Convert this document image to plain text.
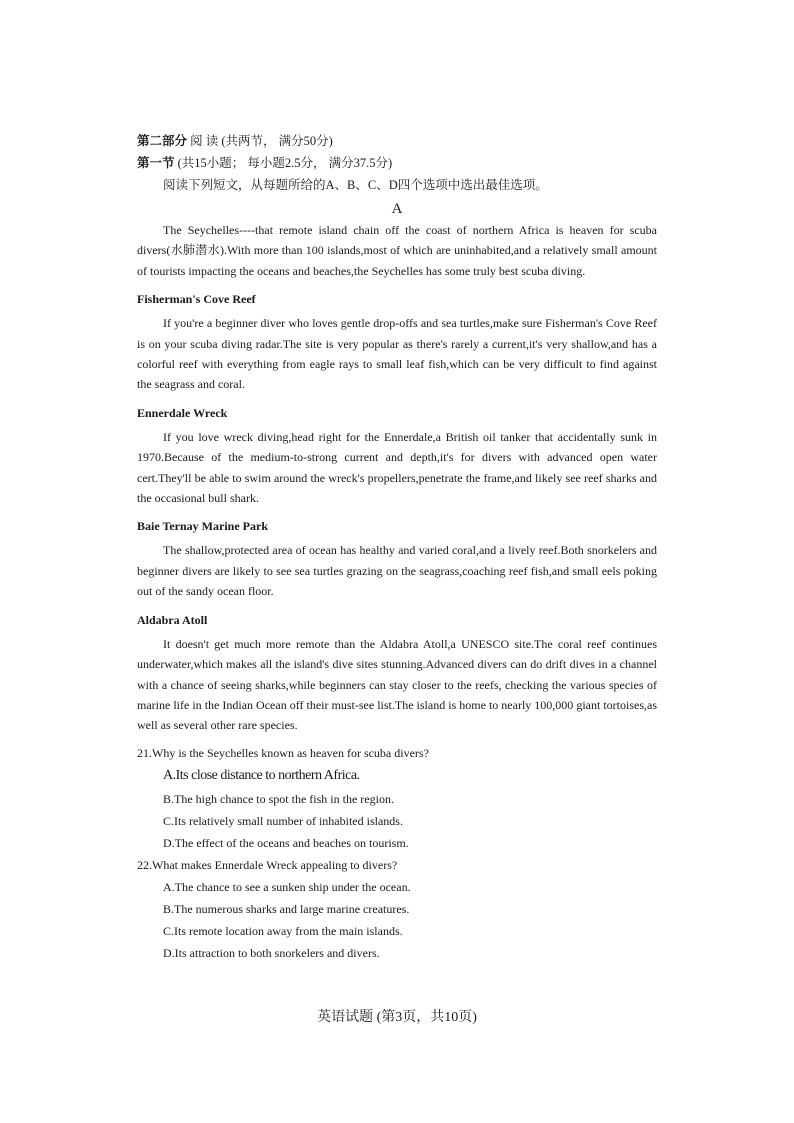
第二部分 阅 读 (共两节， 满分50分)

第一节 (共15小题； 每小题2.5分， 满分37.5分)

阅读下列短文，从每题所给的A、B、C、D四个选项中选出最佳选项。

A

The Seychelles----that remote island chain off the coast of northern Africa is heaven for scuba divers(水肺潜水).With more than 100 islands,most of which are uninhabited,and a relatively small amount of tourists impacting the oceans and beaches,the Seychelles has some truly best scuba diving.

Fisherman's Cove Reef

If you're a beginner diver who loves gentle drop-offs and sea turtles,make sure Fisherman's Cove Reef is on your scuba diving radar.The site is very popular as there's rarely a current,it's very shallow,and has a colorful reef with everything from eagle rays to small leaf fish,which can be very difficult to find against the seagrass and coral.

Ennerdale Wreck

If you love wreck diving,head right for the Ennerdale,a British oil tanker that accidentally sunk in 1970.Because of the medium-to-strong current and depth,it's for divers with advanced open water cert.They'll be able to swim around the wreck's propellers,penetrate the frame,and likely see reef sharks and the occasional bull shark.

Baie Ternay Marine Park

The shallow,protected area of ocean has healthy and varied coral,and a lively reef.Both snorkelers and beginner divers are likely to see sea turtles grazing on the seagrass,coaching reef fish,and small eels poking out of the sandy ocean floor.

Aldabra Atoll

It doesn't get much more remote than the Aldabra Atoll,a UNESCO site.The coral reef continues underwater,which makes all the island's dive sites stunning.Advanced divers can do drift dives in a channel with a chance of seeing sharks,while beginners can stay closer to the reefs, checking the various species of marine life in the Indian Ocean off their must-see list.The island is home to nearly 100,000 giant tortoises,as well as several other rare species.

21.Why is the Seychelles known as heaven for scuba divers?

A.Its close distance to northern Africa.

B.The high chance to spot the fish in the region.

C.Its relatively small number of inhabited islands.

D.The effect of the oceans and beaches on tourism.

22.What makes Ennerdale Wreck appealing to divers?

A.The chance to see a sunken ship under the ocean.

B.The numerous sharks and large marine creatures.

C.Its remote location away from the main islands.

D.Its attraction to both snorkelers and divers.

英语试题 (第3页，共10页)
